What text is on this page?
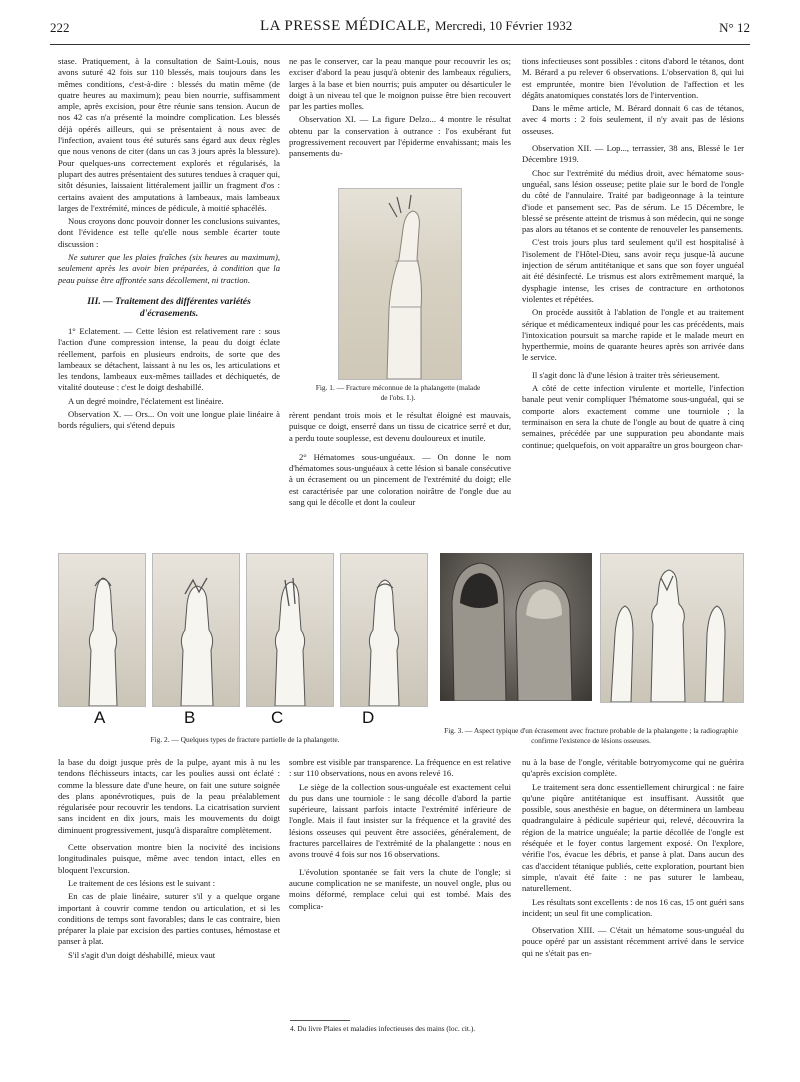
222	LA PRESSE MÉDICALE, Mercredi, 10 Février 1932	N° 12

stase. Pratiquement, à la consultation de Saint-Louis, nous avons suturé 42 fois sur 110 blessés, mais toujours dans les mêmes conditions, c'est-à-dire : blessés du matin même (de quatre heures au maximum); peau bien nourrie, suffisamment ample, après excision, pour être réunie sans tension. Aucun de nos 42 cas n'a présenté la moindre complication. Les blessés déjà opérés ailleurs, qui se présentaient à nous avec de l'infection, avaient tous été suturés sans égard aux deux règles que nous venons de citer (dans un cas 3 jours après la blessure). Pour quelques-uns correctement explorés et régularisés, la plupart des autres présentaient des sutures tendues à craquer qui, sitôt désunies, laissaient littéralement jaillir un fragment d'os : certains avaient des amputations à lambeaux, mais lambeaux larges de l'extrémité, minces de pédicule, à moitié sphacélés.

Nous croyons donc pouvoir donner les conclusions suivantes, dont l'évidence est telle qu'elle nous semble écarter toute discussion :

Ne suturer que les plaies fraîches (six heures au maximum), seulement après les avoir bien préparées, à condition que la peau puisse être affrontée sans décollement, ni traction.

III. — Traitement des différentes variétés d'écrasements.

1° Eclatement. — Cette lésion est relativement rare : sous l'action d'une compression intense, la peau du doigt éclate réellement, parfois en plusieurs endroits, de sorte que des lambeaux se détachent, laissant à nu les os, les articulations et les tendons, lambeaux eux-mêmes taillades et déchiquetés, de vitalité douteuse : c'est le doigt deshabillé.

A un degré moindre, l'éclatement est linéaire.

Observation X. — Ors... On voit une longue plaie linéaire à bords réguliers, qui s'étend depuis

ne pas le conserver, car la peau manque pour recouvrir les os; exciser d'abord la peau jusqu'à obtenir des lambeaux réguliers, larges à la base et bien nourris; puis amputer ou désarticuler le doigt à un niveau tel que le moignon puisse être bien recouvert par les parties molles.

Observation XI. — La figure Delzo... 4 montre le résultat obtenu par la conservation à outrance : l'os exubérant fut progressivement recouvert par l'épiderme envahissant; mais les pansements du-

Fig. 1. — Fracture méconnue de la phalangette (malade de l'obs. I.).

rèrent pendant trois mois et le résultat éloigné est mauvais, puisque ce doigt, enserré dans un tissu de cicatrice serré et dur, a perdu toute souplesse, est devenu douloureux et inutile.

2° Hématomes sous-unguéaux. — On donne le nom d'hématomes sous-unguéaux à cette lésion si banale consécutive à un écrasement ou un pincement de l'extrémité du doigt; elle est caractérisée par une coloration noirâtre de l'ongle due au sang qui le décolle et dont la couleur

tions infectieuses sont possibles : citons d'abord le tétanos, dont M. Bérard a pu relever 6 observations. L'observation 8, qui lui est empruntée, montre bien l'évolution de l'affection et les dégâts anatomiques constatés lors de l'intervention.

Dans le même article, M. Bérard donnait 6 cas de tétanos, avec 4 morts : 2 fois seulement, il n'y avait pas de lésions osseuses.

Observation XII. — Lop..., terrassier, 38 ans, Blessé le 1er Décembre 1919.

Choc sur l'extrémité du médius droit, avec hématome sous-unguéal, sans lésion osseuse; petite plaie sur le bord de l'ongle du côté de l'annulaire. Traité par badigeonnage à la teinture d'iode et pansement sec. Pas de sérum. Le 15 Décembre, le blessé se présente atteint de trismus à son médecin, qui ne songe pas alors au tétanos et se contente de renouveler les pansements.

C'est trois jours plus tard seulement qu'il est hospitalisé à l'isolement de l'Hôtel-Dieu, sans avoir reçu jusque-là aucune injection de sérum antitétanique et sans que son foyer unguéal ait été désinfecté. Le trismus est alors extrêmement marqué, la dysphagie intense, les crises de contracture en orthotonos violentes et répétées.

On procède aussitôt à l'ablation de l'ongle et au traitement sérique et médicamenteux indiqué pour les cas précédents, mais l'intoxication poursuit sa marche rapide et le malade meurt en hyperthermie, moins de quarante heures après son arrivée dans le service.

Il s'agit donc là d'une lésion à traiter très sérieusement.

A côté de cette infection virulente et mortelle, l'infection banale peut venir compliquer l'hématome sous-unguéal, qui se comporte alors exactement comme une tourniole ; la terminaison en sera la chute de l'ongle au bout de quatre à cinq semaines, précédée par une suppuration peu abondante mais continue; quelquefois, on voit apparaître un gros bourgeon char-

A	B	C	D
Fig. 2. — Quelques types de fracture partielle de la phalangette.
Fig. 3. — Aspect typique d'un écrasement avec fracture probable de la phalangette ; la radiographie confirme l'existence de lésions osseuses.

la base du doigt jusque près de la pulpe, ayant mis à nu les tendons fléchisseurs intacts, car les poulies aussi ont éclaté : comme la blessure date d'une heure, on fait une suture soignée des plans aponévrotiques, puis de la peau préalablement régularisée pour recouvrir les tendons. La cicatrisation survient sans incident en dix jours, mais les mouvements du doigt diminuent progressivement, jusqu'à disparaître complètement.

Cette observation montre bien la nocivité des incisions longitudinales puisque, même avec tendon intact, elles en bloquent l'excursion.

Le traitement de ces lésions est le suivant :

En cas de plaie linéaire, suturer s'il y a quelque organe important à couvrir comme tendon ou articulation, et si les conditions de temps sont favorables; dans le cas contraire, bien préparer la plaie par excision des parties contuses, hémostase et panser à plat.

S'il s'agit d'un doigt déshabillé, mieux vaut

sombre est visible par transparence. La fréquence en est relative : sur 110 observations, nous en avons relevé 16.

Le siège de la collection sous-unguéale est exactement celui du pus dans une tourniole : le sang décolle d'abord la partie supérieure, laissant parfois intacte l'extrémité inférieure de l'ongle. Mais il faut insister sur la fréquence et la gravité des lésions osseuses qui peuvent être associées, généralement, de fractures parcellaires de l'extrémité de la phalangette : nous en avons trouvé 4 fois sur nos 16 observations.

L'évolution spontanée se fait vers la chute de l'ongle; si aucune complication ne se manifeste, un nouvel ongle, plus ou moins déformé, remplace celui qui est tombé. Mais des complica-

4. Du livre Plaies et maladies infectieuses des mains (loc. cit.).

nu à la base de l'ongle, véritable botryomycome qui ne guérira qu'après excision complète.

Le traitement sera donc essentiellement chirurgical : ne faire qu'une piqûre antitétanique est insuffisant. Aussitôt que possible, sous anesthésie en bague, on déterminera un lambeau quadrangulaire à pédicule supérieur qui, relevé, découvrira la région de la matrice unguéale; la partie décollée de l'ongle est réséquée et le foyer contus largement exposé. On l'explore, vérifie l'os, évacue les débris, et panse à plat. Dans aucun des cas d'accident tétanique publiés, cette exploration, pourtant bien simple, n'avait été faite : ne pas suturer le lambeau, naturellement.

Les résultats sont excellents : de nos 16 cas, 15 ont guéri sans incident; un seul fit une complication.

Observation XIII. — C'était un hématome sous-unguéal du pouce opéré par un assistant récemment arrivé dans le service qui ne s'était pas en-
